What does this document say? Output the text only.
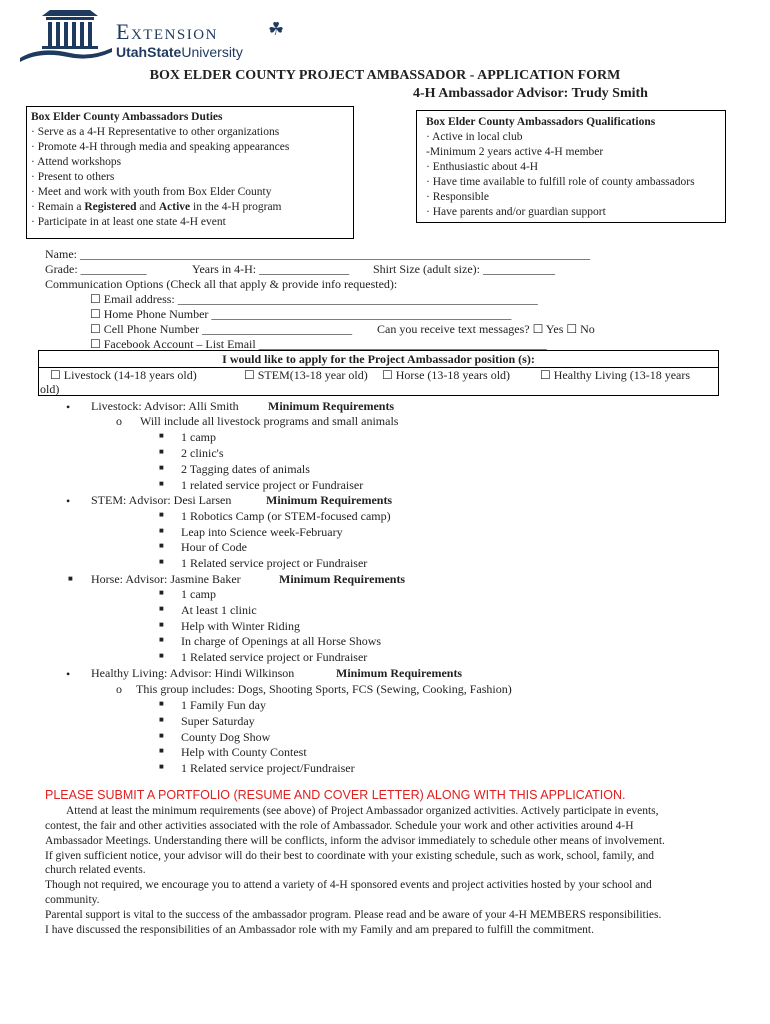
Extension	☘
UtahStateUniversity
BOX ELDER COUNTY PROJECT AMBASSADOR - APPLICATION FORM
4-H Ambassador Advisor: Trudy Smith
Box Elder County Ambassadors Duties
· Serve as a 4-H Representative to other organizations
· Promote 4-H through media and speaking appearances
· Attend workshops
· Present to others
· Meet and work with youth from Box Elder County
· Remain a Registered and Active in the 4-H program
· Participate in at least one state 4-H event
Box Elder County Ambassadors Qualifications
· Active in local club
-Minimum 2 years active 4-H member
· Enthusiastic about 4-H
· Have time available to fulfill role of county ambassadors
· Responsible
· Have parents and/or guardian support
Name: _____________________________________________________________________________________
Grade: ___________	Years in 4-H: _______________ Shirt Size (adult size): ____________
Communication Options (Check all that apply & provide info requested):
☐ Email address: ____________________________________________________________
☐ Home Phone Number __________________________________________________
☐ Cell Phone Number _________________________ Can you receive text messages? ☐ Yes ☐ No
☐ Facebook Account – List Email ________________________________________________
I would like to apply for the Project Ambassador position (s):
☐ Livestock (14-18 years old)	☐ STEM(13-18 year old) ☐ Horse (13-18 years old) ☐ Healthy Living (13-18 years
old)
• Livestock: Advisor: Alli Smith Minimum Requirements
o Will include all livestock programs and small animals
■ 1 camp
■ 2 clinic's
■ 2 Tagging dates of animals
■ 1 related service project or Fundraiser
• STEM: Advisor: Desi Larsen	Minimum Requirements
■ 1 Robotics Camp (or STEM-focused camp)
■ Leap into Science week-February
■ Hour of Code
■ 1 Related service project or Fundraiser
■ Horse: Advisor: Jasmine Baker	Minimum Requirements
■ 1 camp
■ At least 1 clinic
■ Help with Winter Riding
■ In charge of Openings at all Horse Shows
■ 1 Related service project or Fundraiser
• Healthy Living: Advisor: Hindi Wilkinson	Minimum Requirements
o This group includes: Dogs, Shooting Sports, FCS (Sewing, Cooking, Fashion)
■ 1 Family Fun day
■ Super Saturday
■ County Dog Show
■ Help with County Contest
■ 1 Related service project/Fundraiser
PLEASE SUBMIT A PORTFOLIO (RESUME AND COVER LETTER) ALONG WITH THIS APPLICATION.
Attend at least the minimum requirements (see above) of Project Ambassador organized activities. Actively participate in events,
contest, the fair and other activities associated with the role of Ambassador. Schedule your work and other activities around 4-H
Ambassador Meetings. Understanding there will be conflicts, inform the advisor immediately to schedule other means of involvement.
If given sufficient notice, your advisor will do their best to coordinate with your existing schedule, such as work, school, family, and
church related events.
Though not required, we encourage you to attend a variety of 4-H sponsored events and project activities hosted by your school and
community.
Parental support is vital to the success of the ambassador program. Please read and be aware of your 4-H MEMBERS responsibilities.
I have discussed the responsibilities of an Ambassador role with my Family and am prepared to fulfill the commitment.
